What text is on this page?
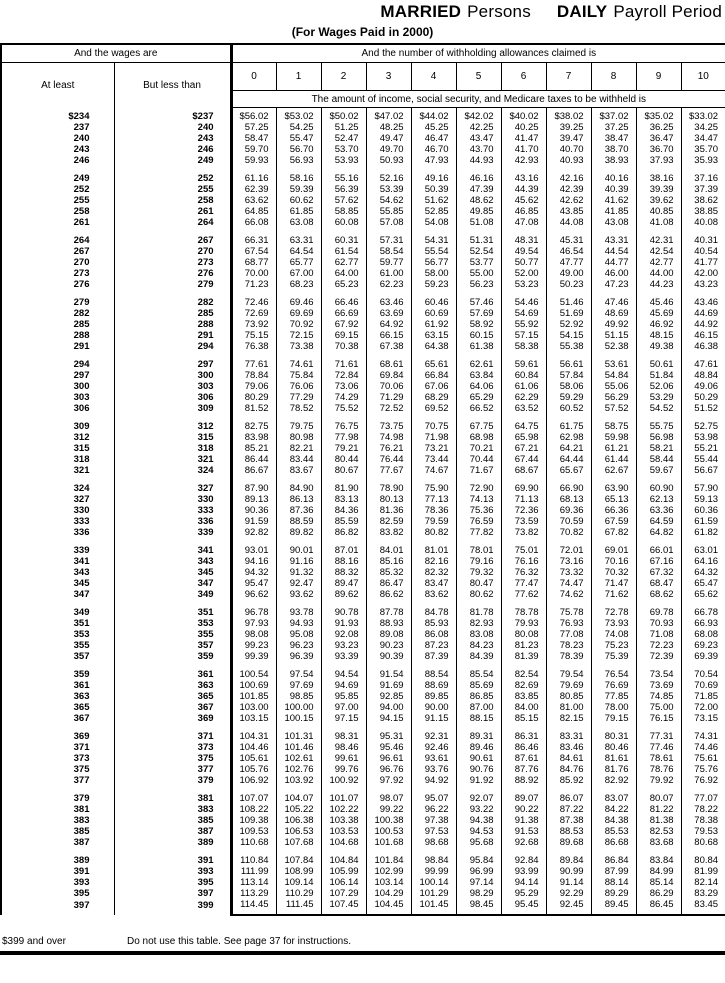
MARRIED Persons DAILY Payroll Period
(For Wages Paid in 2000)
And the wages are		And the number of withholding allowances claimed is										
At least	But less than	0	1	2	3	4	5	6	7	8	9	10
		The amount of income, social security, and Medicare taxes to be withheld is										
$234	$237	$56.02	$53.02	$50.02	$47.02	$44.02	$42.02	$40.02	$38.02	$37.02	$35.02	$33.02
237	240	57.25	54.25	51.25	48.25	45.25	42.25	40.25	39.25	37.25	36.25	34.25
240	243	58.47	55.47	52.47	49.47	46.47	43.47	41.47	39.47	38.47	36.47	34.47
243	246	59.70	56.70	53.70	49.70	46.70	43.70	41.70	40.70	38.70	36.70	35.70
246	249	59.93	56.93	53.93	50.93	47.93	44.93	42.93	40.93	38.93	37.93	35.93
249	252	61.16	58.16	55.16	52.16	49.16	46.16	43.16	42.16	40.16	38.16	37.16
252	255	62.39	59.39	56.39	53.39	50.39	47.39	44.39	42.39	40.39	39.39	37.39
255	258	63.62	60.62	57.62	54.62	51.62	48.62	45.62	42.62	41.62	39.62	38.62
258	261	64.85	61.85	58.85	55.85	52.85	49.85	46.85	43.85	41.85	40.85	38.85
261	264	66.08	63.08	60.08	57.08	54.08	51.08	47.08	44.08	43.08	41.08	40.08
264	267	66.31	63.31	60.31	57.31	54.31	51.31	48.31	45.31	43.31	42.31	40.31
267	270	67.54	64.54	61.54	58.54	55.54	52.54	49.54	46.54	44.54	42.54	40.54
270	273	68.77	65.77	62.77	59.77	56.77	53.77	50.77	47.77	44.77	42.77	41.77
273	276	70.00	67.00	64.00	61.00	58.00	55.00	52.00	49.00	46.00	44.00	42.00
276	279	71.23	68.23	65.23	62.23	59.23	56.23	53.23	50.23	47.23	44.23	43.23
279	282	72.46	69.46	66.46	63.46	60.46	57.46	54.46	51.46	47.46	45.46	43.46
282	285	72.69	69.69	66.69	63.69	60.69	57.69	54.69	51.69	48.69	45.69	44.69
285	288	73.92	70.92	67.92	64.92	61.92	58.92	55.92	52.92	49.92	46.92	44.92
288	291	75.15	72.15	69.15	66.15	63.15	60.15	57.15	54.15	51.15	48.15	46.15
291	294	76.38	73.38	70.38	67.38	64.38	61.38	58.38	55.38	52.38	49.38	46.38
294	297	77.61	74.61	71.61	68.61	65.61	62.61	59.61	56.61	53.61	50.61	47.61
297	300	78.84	75.84	72.84	69.84	66.84	63.84	60.84	57.84	54.84	51.84	48.84
300	303	79.06	76.06	73.06	70.06	67.06	64.06	61.06	58.06	55.06	52.06	49.06
303	306	80.29	77.29	74.29	71.29	68.29	65.29	62.29	59.29	56.29	53.29	50.29
306	309	81.52	78.52	75.52	72.52	69.52	66.52	63.52	60.52	57.52	54.52	51.52
309	312	82.75	79.75	76.75	73.75	70.75	67.75	64.75	61.75	58.75	55.75	52.75
312	315	83.98	80.98	77.98	74.98	71.98	68.98	65.98	62.98	59.98	56.98	53.98
315	318	85.21	82.21	79.21	76.21	73.21	70.21	67.21	64.21	61.21	58.21	55.21
318	321	86.44	83.44	80.44	76.44	73.44	70.44	67.44	64.44	61.44	58.44	55.44
321	324	86.67	83.67	80.67	77.67	74.67	71.67	68.67	65.67	62.67	59.67	56.67
324	327	87.90	84.90	81.90	78.90	75.90	72.90	69.90	66.90	63.90	60.90	57.90
327	330	89.13	86.13	83.13	80.13	77.13	74.13	71.13	68.13	65.13	62.13	59.13
330	333	90.36	87.36	84.36	81.36	78.36	75.36	72.36	69.36	66.36	63.36	60.36
333	336	91.59	88.59	85.59	82.59	79.59	76.59	73.59	70.59	67.59	64.59	61.59
336	339	92.82	89.82	86.82	83.82	80.82	77.82	73.82	70.82	67.82	64.82	61.82
339	341	93.01	90.01	87.01	84.01	81.01	78.01	75.01	72.01	69.01	66.01	63.01
341	343	94.16	91.16	88.16	85.16	82.16	79.16	76.16	73.16	70.16	67.16	64.16
343	345	94.32	91.32	88.32	85.32	82.32	79.32	76.32	73.32	70.32	67.32	64.32
345	347	95.47	92.47	89.47	86.47	83.47	80.47	77.47	74.47	71.47	68.47	65.47
347	349	96.62	93.62	89.62	86.62	83.62	80.62	77.62	74.62	71.62	68.62	65.62
349	351	96.78	93.78	90.78	87.78	84.78	81.78	78.78	75.78	72.78	69.78	66.78
351	353	97.93	94.93	91.93	88.93	85.93	82.93	79.93	76.93	73.93	70.93	66.93
353	355	98.08	95.08	92.08	89.08	86.08	83.08	80.08	77.08	74.08	71.08	68.08
355	357	99.23	96.23	93.23	90.23	87.23	84.23	81.23	78.23	75.23	72.23	69.23
357	359	99.39	96.39	93.39	90.39	87.39	84.39	81.39	78.39	75.39	72.39	69.39
359	361	100.54	97.54	94.54	91.54	88.54	85.54	82.54	79.54	76.54	73.54	70.54
361	363	100.69	97.69	94.69	91.69	88.69	85.69	82.69	79.69	76.69	73.69	70.69
363	365	101.85	98.85	95.85	92.85	89.85	86.85	83.85	80.85	77.85	74.85	71.85
365	367	103.00	100.00	97.00	94.00	90.00	87.00	84.00	81.00	78.00	75.00	72.00
367	369	103.15	100.15	97.15	94.15	91.15	88.15	85.15	82.15	79.15	76.15	73.15
369	371	104.31	101.31	98.31	95.31	92.31	89.31	86.31	83.31	80.31	77.31	74.31
371	373	104.46	101.46	98.46	95.46	92.46	89.46	86.46	83.46	80.46	77.46	74.46
373	375	105.61	102.61	99.61	96.61	93.61	90.61	87.61	84.61	81.61	78.61	75.61
375	377	105.76	102.76	99.76	96.76	93.76	90.76	87.76	84.76	81.76	78.76	75.76
377	379	106.92	103.92	100.92	97.92	94.92	91.92	88.92	85.92	82.92	79.92	76.92
379	381	107.07	104.07	101.07	98.07	95.07	92.07	89.07	86.07	83.07	80.07	77.07
381	383	108.22	105.22	102.22	99.22	96.22	93.22	90.22	87.22	84.22	81.22	78.22
383	385	109.38	106.38	103.38	100.38	97.38	94.38	91.38	87.38	84.38	81.38	78.38
385	387	109.53	106.53	103.53	100.53	97.53	94.53	91.53	88.53	85.53	82.53	79.53
387	389	110.68	107.68	104.68	101.68	98.68	95.68	92.68	89.68	86.68	83.68	80.68
389	391	110.84	107.84	104.84	101.84	98.84	95.84	92.84	89.84	86.84	83.84	80.84
391	393	111.99	108.99	105.99	102.99	99.99	96.99	93.99	90.99	87.99	84.99	81.99
393	395	113.14	109.14	106.14	103.14	100.14	97.14	94.14	91.14	88.14	85.14	82.14
395	397	113.29	110.29	107.29	104.29	101.29	98.29	95.29	92.29	89.29	86.29	83.29
397	399	114.45	111.45	107.45	104.45	101.45	98.45	95.45	92.45	89.45	86.45	83.45
$399 and over	Do not use this table. See page 37 for instructions.
